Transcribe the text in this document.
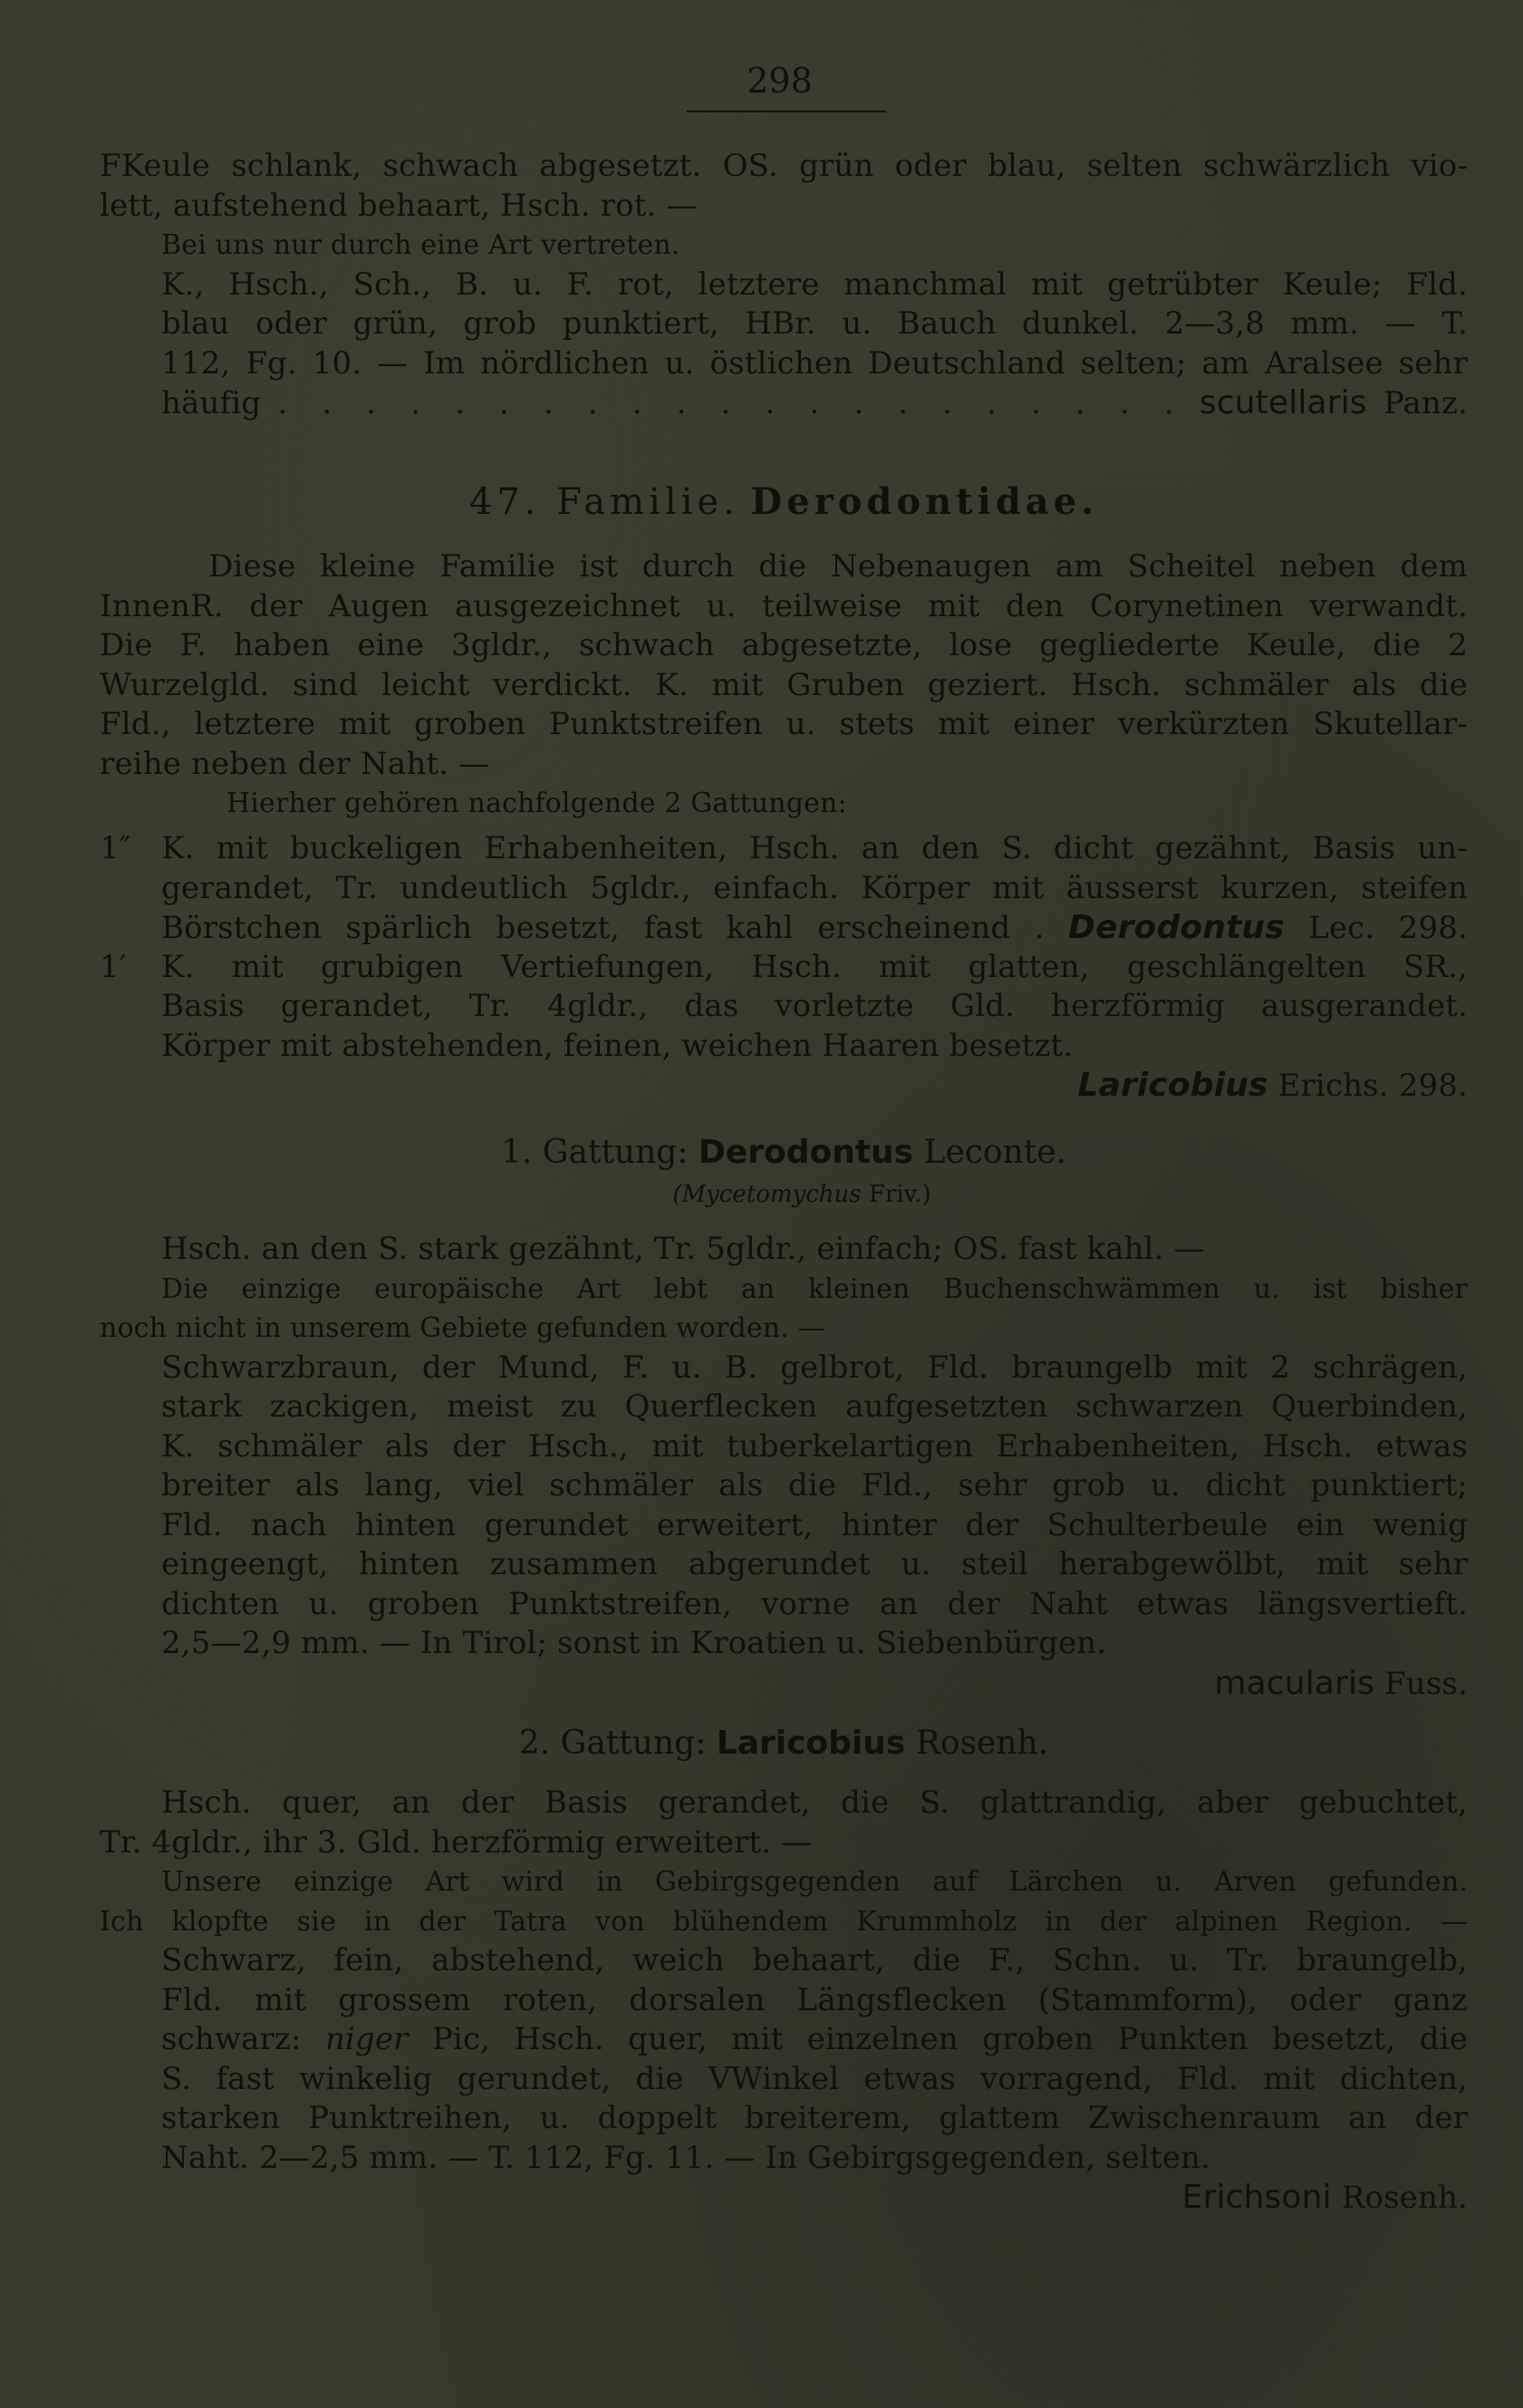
298
FKeule schlank, schwach abgesetzt. OS. grün oder blau, selten schwärzlich vio-
lett, aufstehend behaart, Hsch. rot. —
Bei uns nur durch eine Art vertreten.
K., Hsch., Sch., B. u. F. rot, letztere manchmal mit getrübter Keule; Fld.
blau oder grün, grob punktiert, HBr. u. Bauch dunkel. 2—3,8 mm. — T.
112, Fg. 10. — Im nördlichen u. östlichen Deutschland selten; am Aralsee sehr
häufig . . . . . . . . . . . . . . . . . . . . . scutellaris Panz.
47. Familie. Derodontidae.
Diese kleine Familie ist durch die Nebenaugen am Scheitel neben dem
InnenR. der Augen ausgezeichnet u. teilweise mit den Corynetinen verwandt.
Die F. haben eine 3gldr., schwach abgesetzte, lose gegliederte Keule, die 2
Wurzelgld. sind leicht verdickt. K. mit Gruben geziert. Hsch. schmäler als die
Fld., letztere mit groben Punktstreifen u. stets mit einer verkürzten Skutellar-
reihe neben der Naht. —
Hierher gehören nachfolgende 2 Gattungen:
1″ K. mit buckeligen Erhabenheiten, Hsch. an den S. dicht gezähnt, Basis un-
gerandet, Tr. undeutlich 5gldr., einfach. Körper mit äusserst kurzen, steifen
Börstchen spärlich besetzt, fast kahl erscheinend . Derodontus Lec. 298.
1′ K. mit grubigen Vertiefungen, Hsch. mit glatten, geschlängelten SR.,
Basis gerandet, Tr. 4gldr., das vorletzte Gld. herzförmig ausgerandet.
Körper mit abstehenden, feinen, weichen Haaren besetzt.
Laricobius Erichs. 298.
1. Gattung: Derodontus Leconte.
(Mycetomychus Friv.)
Hsch. an den S. stark gezähnt, Tr. 5gldr., einfach; OS. fast kahl. —
Die einzige europäische Art lebt an kleinen Buchenschwämmen u. ist bisher
noch nicht in unserem Gebiete gefunden worden. —
Schwarzbraun, der Mund, F. u. B. gelbrot, Fld. braungelb mit 2 schrägen,
stark zackigen, meist zu Querflecken aufgesetzten schwarzen Querbinden,
K. schmäler als der Hsch., mit tuberkelartigen Erhabenheiten, Hsch. etwas
breiter als lang, viel schmäler als die Fld., sehr grob u. dicht punktiert;
Fld. nach hinten gerundet erweitert, hinter der Schulterbeule ein wenig
eingeengt, hinten zusammen abgerundet u. steil herabgewölbt, mit sehr
dichten u. groben Punktstreifen, vorne an der Naht etwas längsvertieft.
2,5—2,9 mm. — In Tirol; sonst in Kroatien u. Siebenbürgen.
macularis Fuss.
2. Gattung: Laricobius Rosenh.
Hsch. quer, an der Basis gerandet, die S. glattrandig, aber gebuchtet,
Tr. 4gldr., ihr 3. Gld. herzförmig erweitert. —
Unsere einzige Art wird in Gebirgsgegenden auf Lärchen u. Arven gefunden.
Ich klopfte sie in der Tatra von blühendem Krummholz in der alpinen Region. —
Schwarz, fein, abstehend, weich behaart, die F., Schn. u. Tr. braungelb,
Fld. mit grossem roten, dorsalen Längsflecken (Stammform), oder ganz
schwarz: niger Pic, Hsch. quer, mit einzelnen groben Punkten besetzt, die
S. fast winkelig gerundet, die VWinkel etwas vorragend, Fld. mit dichten,
starken Punktreihen, u. doppelt breiterem, glattem Zwischenraum an der
Naht. 2—2,5 mm. — T. 112, Fg. 11. — In Gebirgsgegenden, selten.
Erichsoni Rosenh.
